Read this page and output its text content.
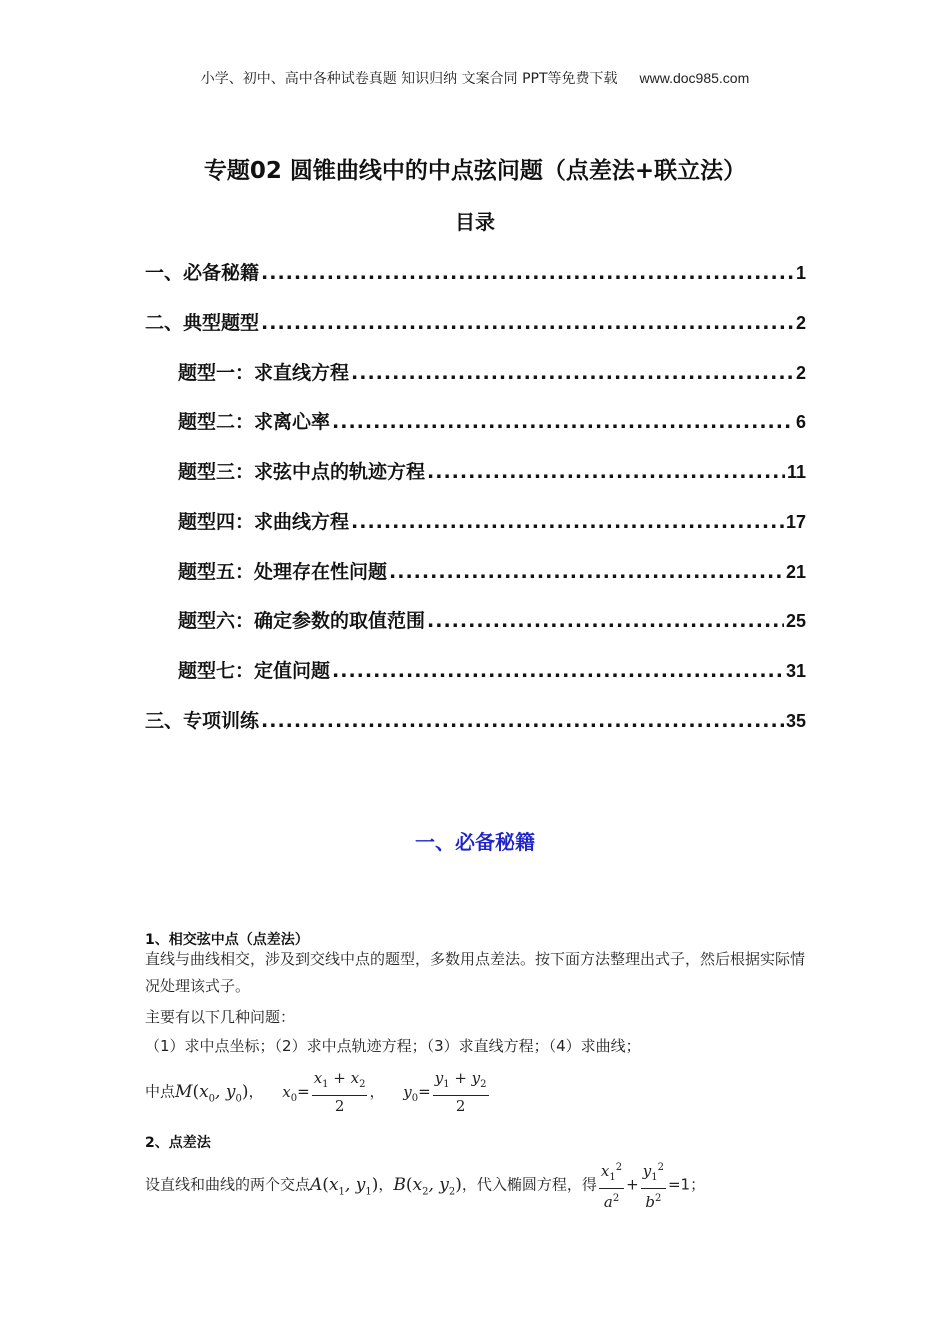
小学、初中、高中各种试卷真题 知识归纳 文案合同 PPT等免费下载 www.doc985.com
专题02 圆锥曲线中的中点弦问题（点差法+联立法）
目录
一、必备秘籍 .....	1
二、典型题型 .....	2
题型一：求直线方程 .....	2
题型二：求离心率 .....	6
题型三：求弦中点的轨迹方程 .....	11
题型四：求曲线方程 .....	17
题型五：处理存在性问题 .....	21
题型六：确定参数的取值范围 .....	25
题型七：定值问题 .....	31
三、专项训练 .....	35
一、必备秘籍
1、相交弦中点（点差法）
直线与曲线相交，涉及到交线中点的题型，多数用点差法。按下面方法整理出式子，然后根据实际情况处理该式子。
主要有以下几种问题：
（1）求中点坐标；（2）求中点轨迹方程；（3）求直线方程；（4）求曲线；
中点$M(x_0$, $y_0$)， $x_0= \frac{x_1 + x_2}{2}$ ， $y_0= \frac{y_1 + y_2}{2}$
2、点差法
设直线和曲线的两个交点$A(x_1$, $y_1$)，$B(x_2$, $y_2$)，代入椭圆方程，得 $\frac{x_1^2}{a^2} + \frac{y_1^2}{b^2} =1$；
